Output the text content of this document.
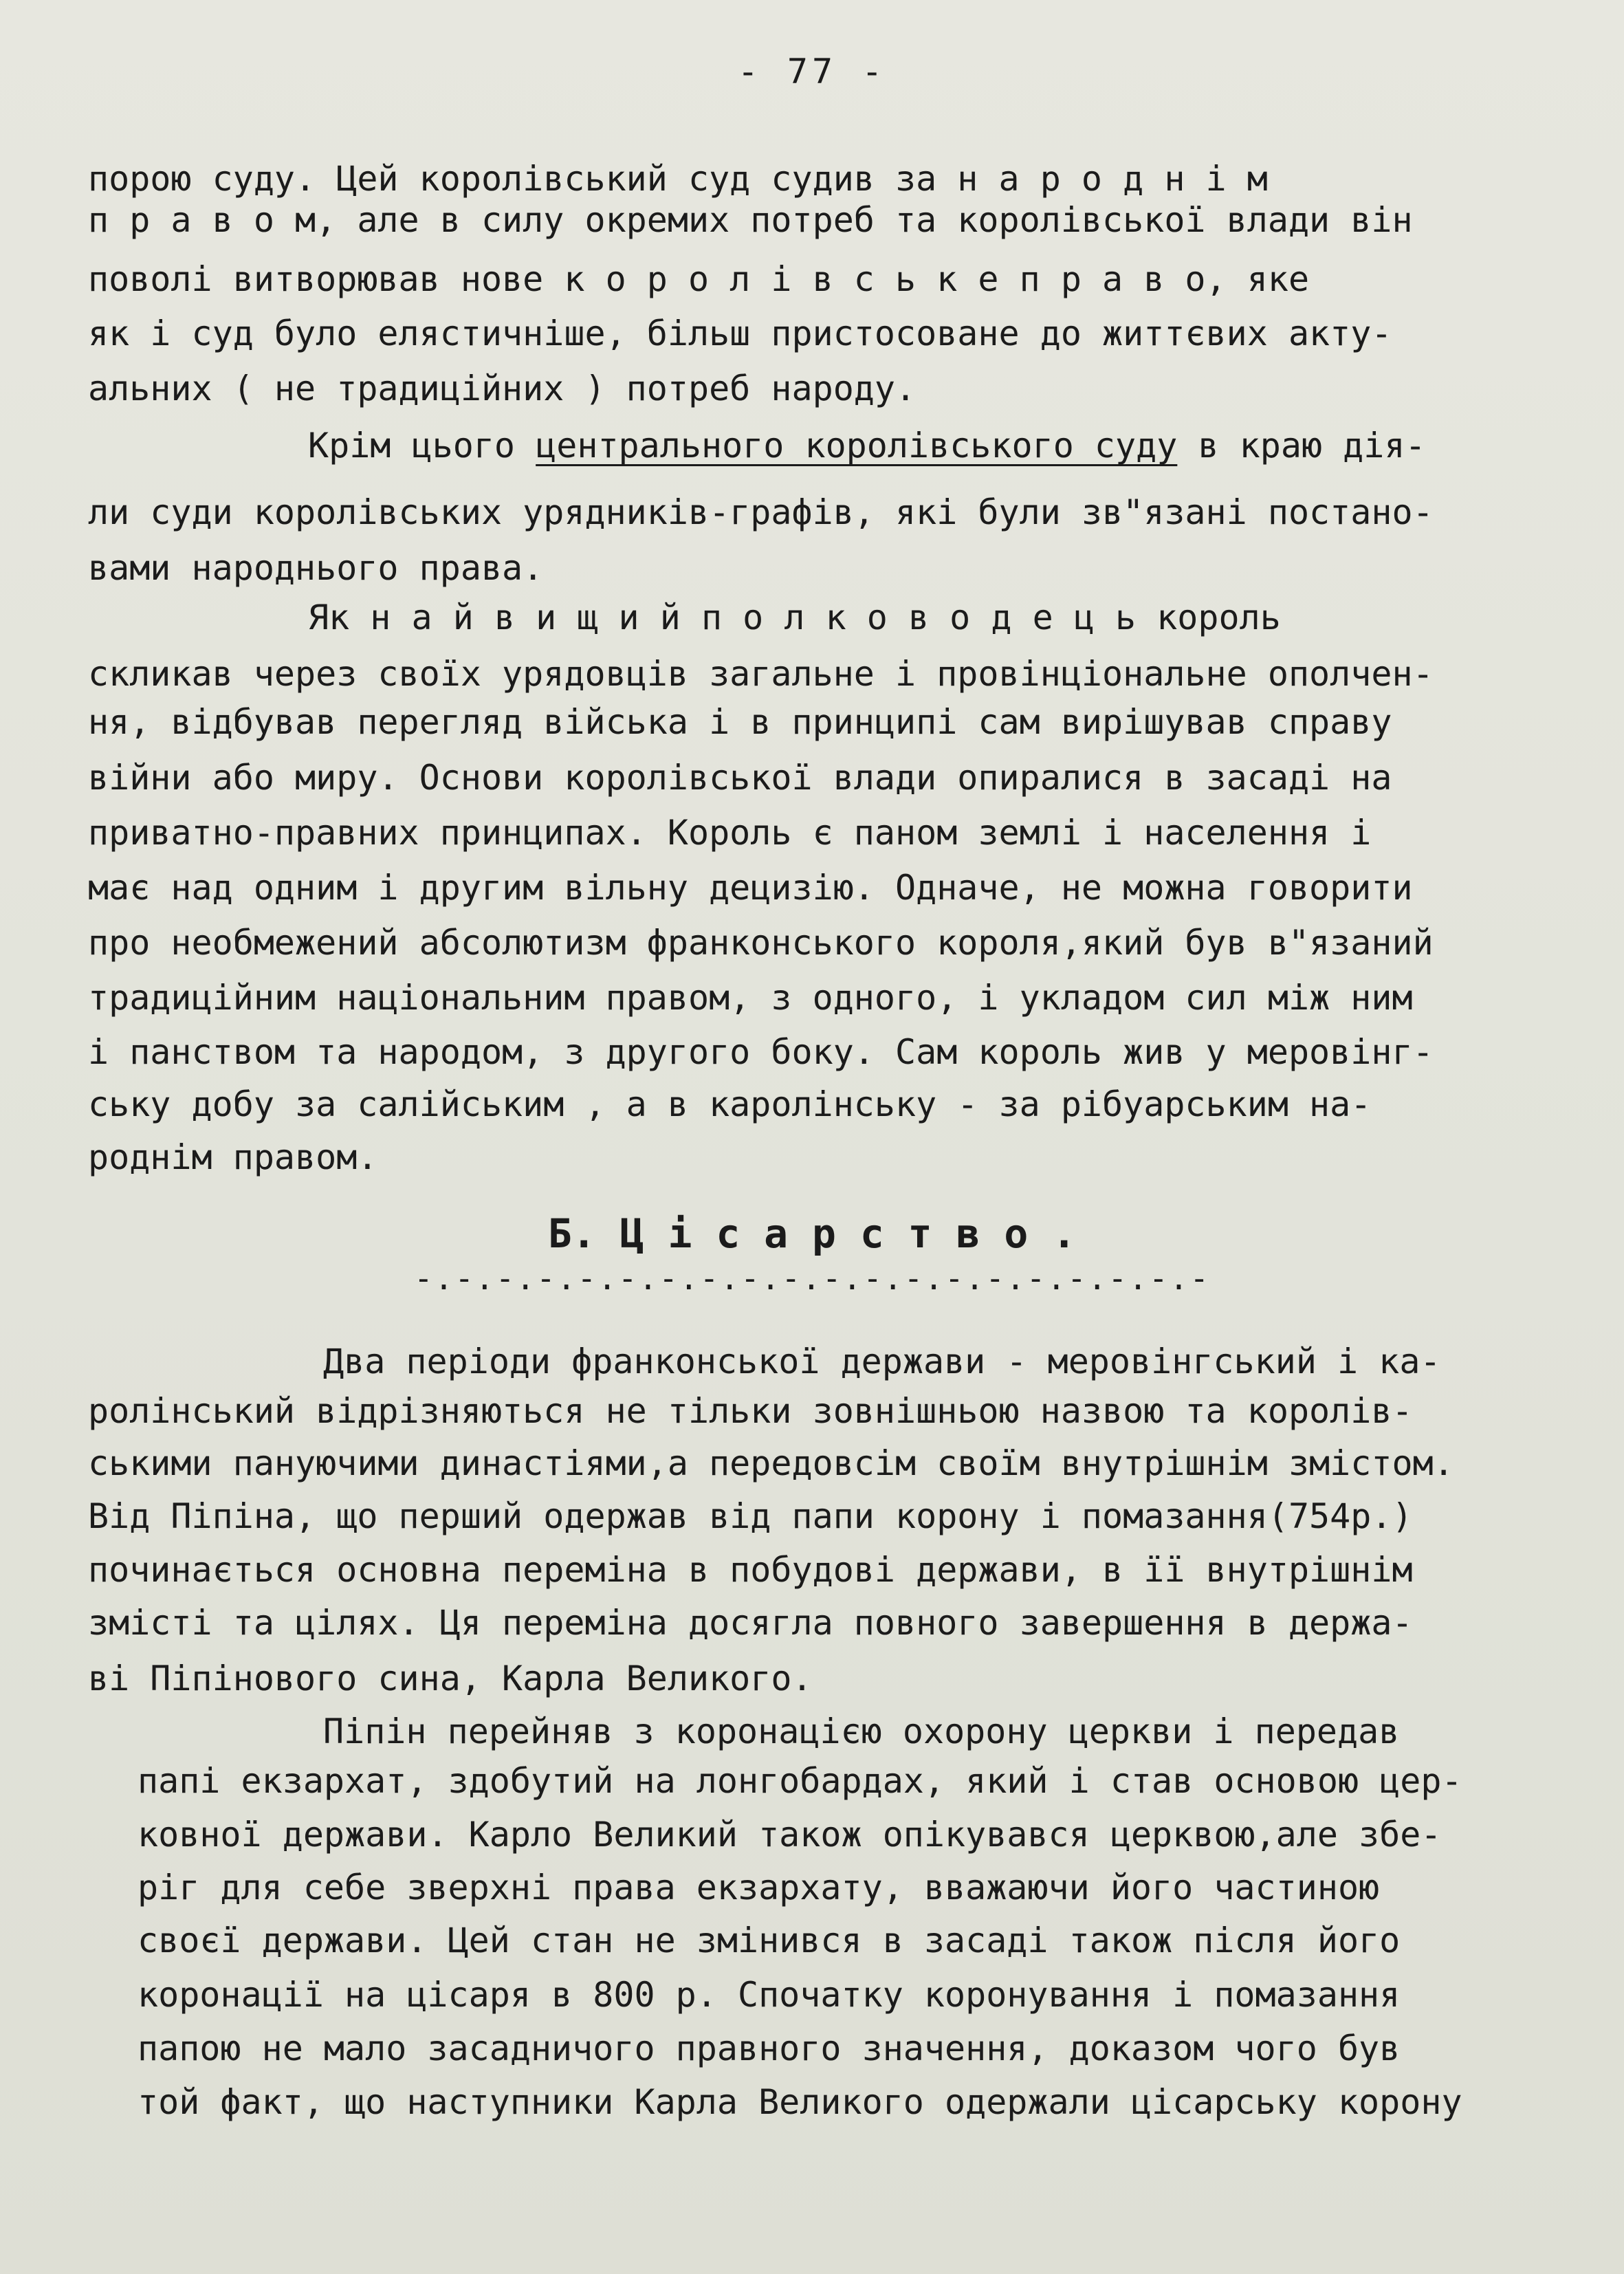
- 77 -
порою суду. Цей королівський суд судив за н а р о д н і м
п р а в о м, але в силу окремих потреб та королівської влади він
поволі витворював нове к о р о л і в с ь к е п р а в о, яке
як і суд було елястичніше, більш пристосоване до життєвих акту-
альних ( не традиційних ) потреб народу.
Крім цього центрального королівського суду в краю дія-
ли суди королівських урядників-графів, які були зв"язані постано-
вами народнього права.
Як н а й в и щ и й п о л к о в о д е ц ь король
скликав через своїх урядовців загальне і провінціональне ополчен-
ня, відбував перегляд війська і в принципі сам вирішував справу
війни або миру. Основи королівської влади опиралися в засаді на
приватно-правних принципах. Король є паном землі і населення і
має над одним і другим вільну децизію. Одначе, не можна говорити
про необмежений абсолютизм франконського короля,який був в"язаний
традиційним національним правом, з одного, і укладом сил між ним
і панством та народом, з другого боку. Сам король жив у меровінг-
ську добу за салійським , а в каролінську - за рібуарським на-
роднім правом.
Б. Ц і с а р с т в о .
-.-.-.-.-.-.-.-.-.-.-.-.-.-.-.-.-.-.-.-
Два періоди франконської держави - меровінгський і ка-
ролінський відрізняються не тільки зовнішньою назвою та королів-
ськими пануючими династіями,а передовсім своїм внутрішнім змістом.
Від Піпіна, що перший одержав від папи корону і помазання(754р.)
починається основна переміна в побудові держави, в її внутрішнім
змісті та цілях. Ця переміна досягла повного завершення в держа-
ві Піпінового сина, Карла Великого.
Піпін перейняв з коронацією охорону церкви і передав
папі екзархат, здобутий на лонгобардах, який і став основою цер-
ковної держави. Карло Великий також опікувався церквою,але збе-
ріг для себе зверхні права екзархату, вважаючи його частиною
своєї держави. Цей стан не змінився в засаді також після його
коронації на цісаря в 800 р. Спочатку коронування і помазання
папою не мало засадничого правного значення, доказом чого був
той факт, що наступники Карла Великого одержали цісарську корону
